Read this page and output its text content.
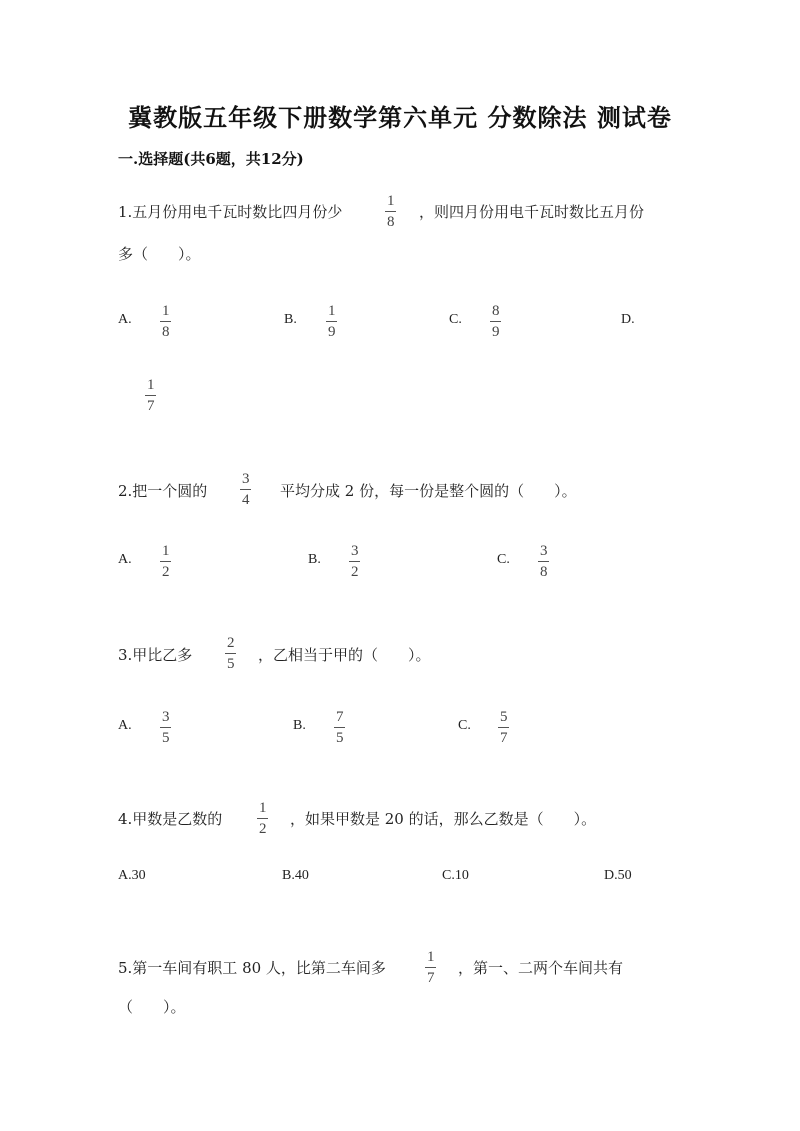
冀教版五年级下册数学第六单元 分数除法 测试卷
一.选择题(共6题，共12分)
1.五月份用电千瓦时数比四月份少
1
8
，则四月份用电千瓦时数比五月份
多（　　）。
A.
1
8
B.
1
9
C.
8
9
D.
1
7
2.把一个圆的
3
4 平均分成 2 份，每一份是整个圆的（　　）。
A.
1
2
B.
3
2
C.
3
8
3.甲比乙多
2
5 ，乙相当于甲的（　　）。
A.
3
5
B.
7
5
C.
5
7
4.甲数是乙数的
1
2
，如果甲数是 20 的话，那么乙数是（　　）。
A.30	B.40	C.10	D.50
5.第一车间有职工 80 人，比第二车间多
1
7
，第一、二两个车间共有
（　　）。
